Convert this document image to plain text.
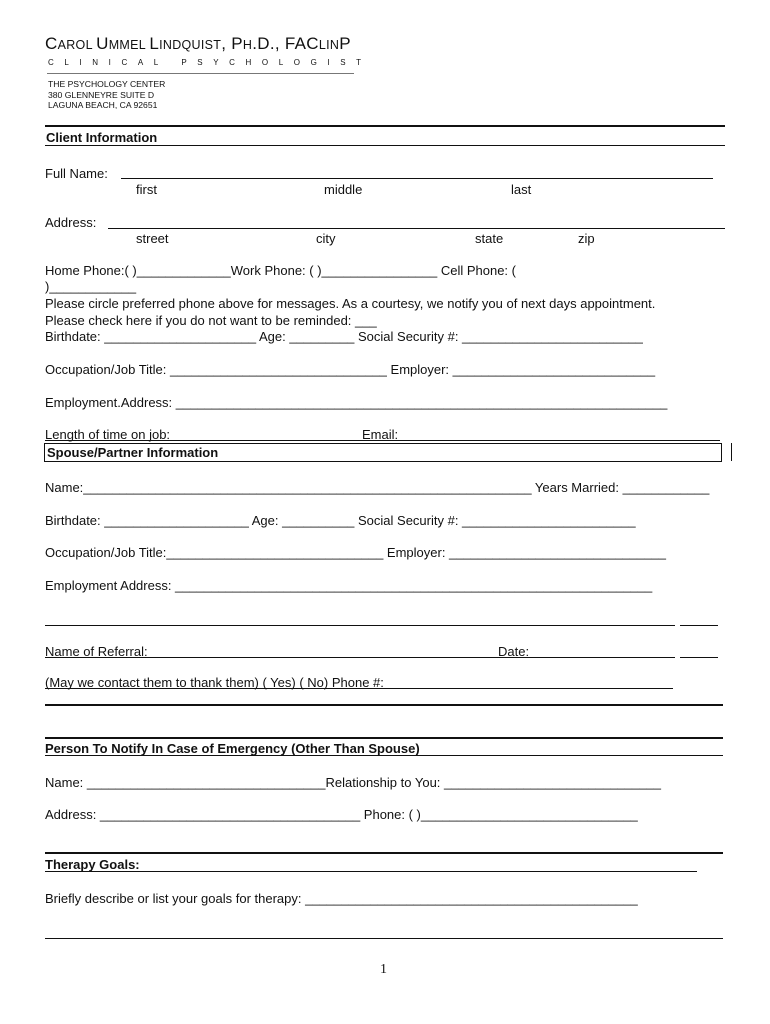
CAROL UMMEL LINDQUIST, PH.D., FACLINP
CLINICAL PSYCHOLOGIST
THE PSYCHOLOGY CENTER
380 GLENNEYRE SUITE D
LAGUNA BEACH, CA 92651
Client Information
Full Name:
first	middle	last
Address:
street	city	state	zip
Home Phone:( )_____________Work Phone: ( )________________ Cell Phone: (
)____________
Please circle preferred phone above for messages. As a courtesy, we notify you of next days appointment.
Please check here if you do not want to be reminded: ___
Birthdate: _____________________ Age: _________ Social Security #: _________________________
Occupation/Job Title: ______________________________ Employer: ____________________________
Employment.Address: ____________________________________________________________________
Length of time on job:	Email:
Spouse/Partner Information
Name:______________________________________________________________ Years Married: ____________
Birthdate: ____________________ Age: __________ Social Security #: ________________________
Occupation/Job Title:______________________________ Employer: ______________________________
Employment Address: __________________________________________________________________
Name of Referral:	Date:
(May we contact them to thank them) ( Yes) ( No) Phone #:
Person To Notify In Case of Emergency (Other Than Spouse)
Name: _________________________________Relationship to You: ______________________________
Address: ____________________________________ Phone: ( )______________________________
Therapy Goals:
Briefly describe or list your goals for therapy: ______________________________________________
1
